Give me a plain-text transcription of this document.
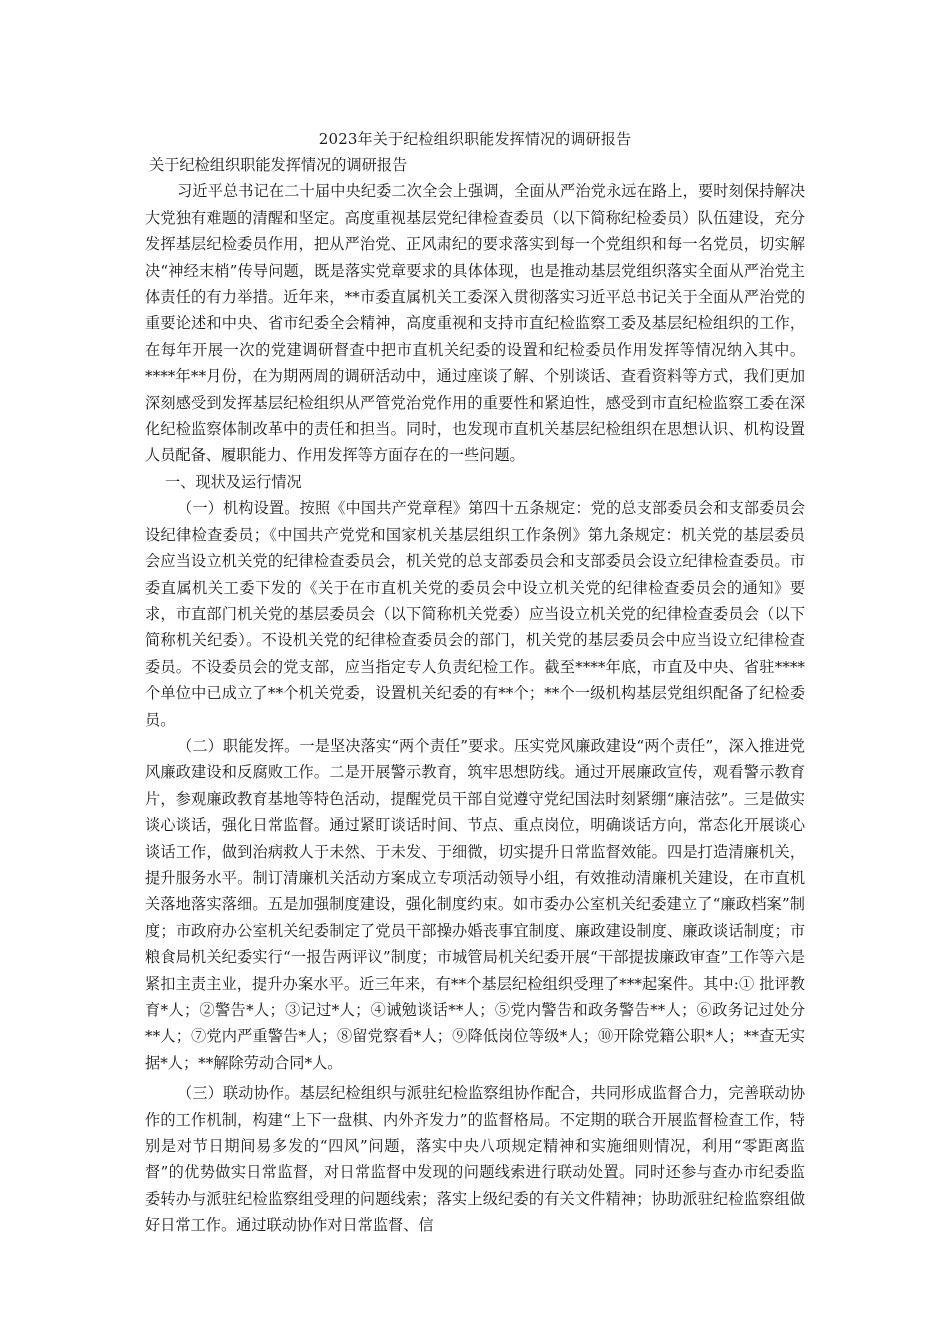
2023年关于纪检组织职能发挥情况的调研报告

关于纪检组织职能发挥情况的调研报告

习近平总书记在二十届中央纪委二次全会上强调，全面从严治党永远在路上，要时刻保持解决大党独有难题的清醒和坚定。高度重视基层党纪律检查委员（以下简称纪检委员）队伍建设，充分发挥基层纪检委员作用，把从严治党、正风肃纪的要求落实到每一个党组织和每一名党员，切实解决“神经末梢”传导问题，既是落实党章要求的具体体现，也是推动基层党组织落实全面从严治党主体责任的有力举措。近年来，**市委直属机关工委深入贯彻落实习近平总书记关于全面从严治党的重要论述和中央、省市纪委全会精神，高度重视和支持市直纪检监察工委及基层纪检组织的工作，在每年开展一次的党建调研督查中把市直机关纪委的设置和纪检委员作用发挥等情况纳入其中。****年**月份，在为期两周的调研活动中，通过座谈了解、个别谈话、查看资料等方式，我们更加深刻感受到发挥基层纪检组织从严管党治党作用的重要性和紧迫性，感受到市直纪检监察工委在深化纪检监察体制改革中的责任和担当。同时，也发现市直机关基层纪检组织在思想认识、机构设置人员配备、履职能力、作用发挥等方面存在的一些问题。

一、现状及运行情况

（一）机构设置。按照《中国共产党章程》第四十五条规定：党的总支部委员会和支部委员会设纪律检查委员；《中国共产党党和国家机关基层组织工作条例》第九条规定：机关党的基层委员会应当设立机关党的纪律检查委员会，机关党的总支部委员会和支部委员会设立纪律检查委员。市委直属机关工委下发的《关于在市直机关党的委员会中设立机关党的纪律检查委员会的通知》要求，市直部门机关党的基层委员会（以下简称机关党委）应当设立机关党的纪律检查委员会（以下简称机关纪委）。不设机关党的纪律检查委员会的部门，机关党的基层委员会中应当设立纪律检查委员。不设委员会的党支部，应当指定专人负责纪检工作。截至****年底，市直及中央、省驻****个单位中已成立了**个机关党委，设置机关纪委的有**个；**个一级机构基层党组织配备了纪检委员。

（二）职能发挥。一是坚决落实“两个责任”要求。压实党风廉政建设“两个责任”，深入推进党风廉政建设和反腐败工作。二是开展警示教育，筑牢思想防线。通过开展廉政宣传，观看警示教育片，参观廉政教育基地等特色活动，提醒党员干部自觉遵守党纪国法时刻紧绷“廉洁弦”。三是做实谈心谈话，强化日常监督。通过紧盯谈话时间、节点、重点岗位，明确谈话方向，常态化开展谈心谈话工作，做到治病救人于未然、于未发、于细微，切实提升日常监督效能。四是打造清廉机关，提升服务水平。制订清廉机关活动方案成立专项活动领导小组，有效推动清廉机关建设，在市直机关落地落实落细。五是加强制度建设，强化制度约束。如市委办公室机关纪委建立了“廉政档案”制度；市政府办公室机关纪委制定了党员干部操办婚丧事宜制度、廉政建设制度、廉政谈话制度；市粮食局机关纪委实行“一报告两评议”制度；市城管局机关纪委开展“干部提拔廉政审查”工作等六是紧扣主责主业，提升办案水平。近三年来，有**个基层纪检组织受理了***起案件。其中:① 批评教育*人；②警告*人；③记过*人；④诫勉谈话**人；⑤党内警告和政务警告**人；⑥政务记过处分**人；⑦党内严重警告*人；⑧留党察看*人；⑨降低岗位等级*人；⑩开除党籍公职*人；**查无实据*人；**解除劳动合同*人。

（三）联动协作。基层纪检组织与派驻纪检监察组协作配合，共同形成监督合力，完善联动协作的工作机制，构建“上下一盘棋、内外齐发力”的监督格局。不定期的联合开展监督检查工作，特别是对节日期间易多发的“四风”问题，落实中央八项规定精神和实施细则情况，利用“零距离监督”的优势做实日常监督，对日常监督中发现的问题线索进行联动处置。同时还参与查办市纪委监委转办与派驻纪检监察组受理的问题线索；落实上级纪委的有关文件精神；协助派驻纪检监察组做好日常工作。通过联动协作对日常监督、信
